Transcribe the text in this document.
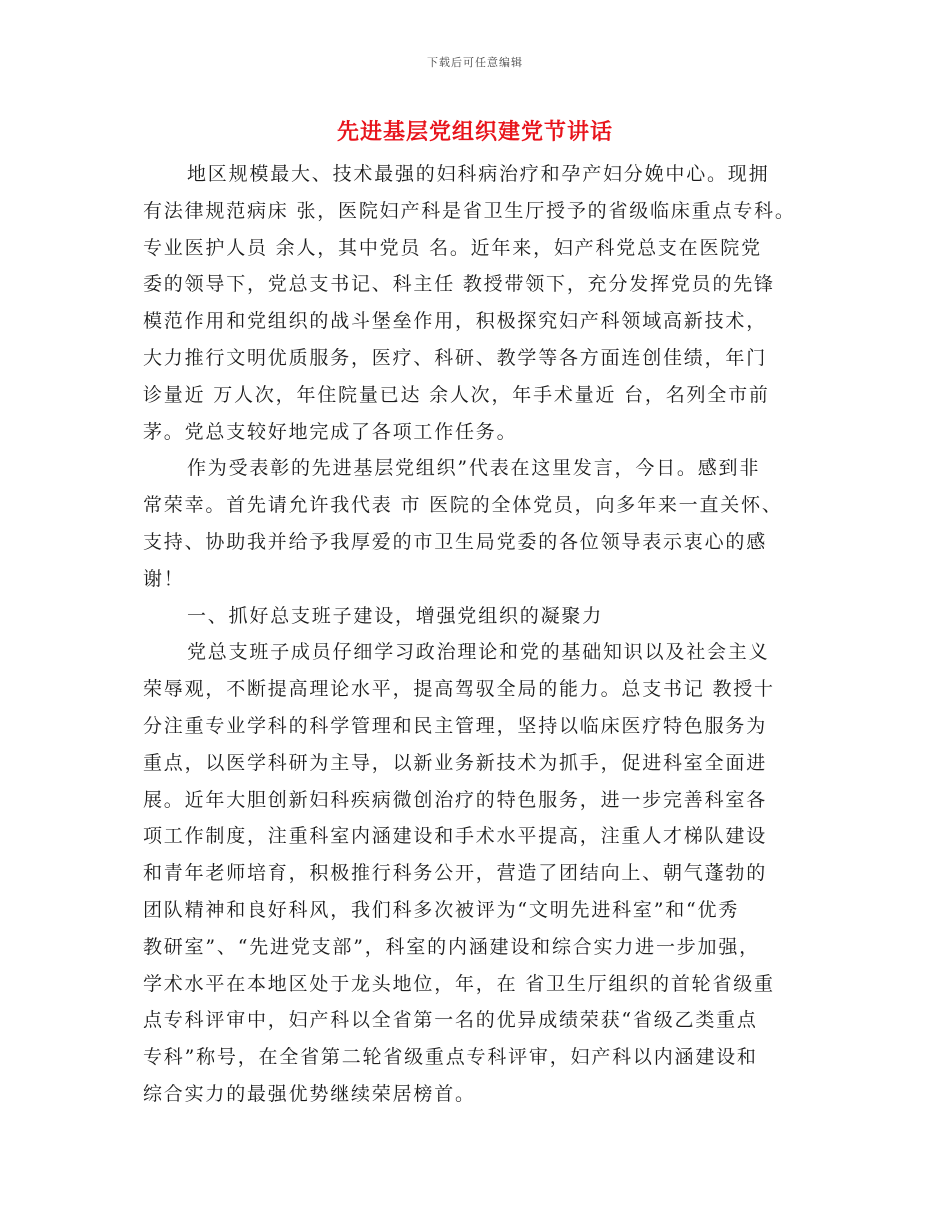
下载后可任意编辑
先进基层党组织建党节讲话
地区规模最大、技术最强的妇科病治疗和孕产妇分娩中心。现拥
有法律规范病床 张，医院妇产科是省卫生厅授予的省级临床重点专科。
专业医护人员 余人，其中党员 名。近年来，妇产科党总支在医院党
委的领导下，党总支书记、科主任 教授带领下，充分发挥党员的先锋
模范作用和党组织的战斗堡垒作用，积极探究妇产科领域高新技术，
大力推行文明优质服务，医疗、科研、教学等各方面连创佳绩，年门
诊量近 万人次，年住院量已达 余人次，年手术量近 台，名列全市前
茅。党总支较好地完成了各项工作任务。
作为受表彰的先进基层党组织”代表在这里发言，今日。感到非
常荣幸。首先请允许我代表 市 医院的全体党员，向多年来一直关怀、
支持、协助我并给予我厚爱的市卫生局党委的各位领导表示衷心的感
谢！
一、抓好总支班子建设，增强党组织的凝聚力
党总支班子成员仔细学习政治理论和党的基础知识以及社会主义
荣辱观，不断提高理论水平，提高驾驭全局的能力。总支书记 教授十
分注重专业学科的科学管理和民主管理，坚持以临床医疗特色服务为
重点，以医学科研为主导，以新业务新技术为抓手，促进科室全面进
展。近年大胆创新妇科疾病微创治疗的特色服务，进一步完善科室各
项工作制度，注重科室内涵建设和手术水平提高，注重人才梯队建设
和青年老师培育，积极推行科务公开，营造了团结向上、朝气蓬勃的
团队精神和良好科风，我们科多次被评为“文明先进科室”和“优秀
教研室”、“先进党支部”，科室的内涵建设和综合实力进一步加强，
学术水平在本地区处于龙头地位，年，在 省卫生厅组织的首轮省级重
点专科评审中，妇产科以全省第一名的优异成绩荣获“省级乙类重点
专科”称号，在全省第二轮省级重点专科评审，妇产科以内涵建设和
综合实力的最强优势继续荣居榜首。
